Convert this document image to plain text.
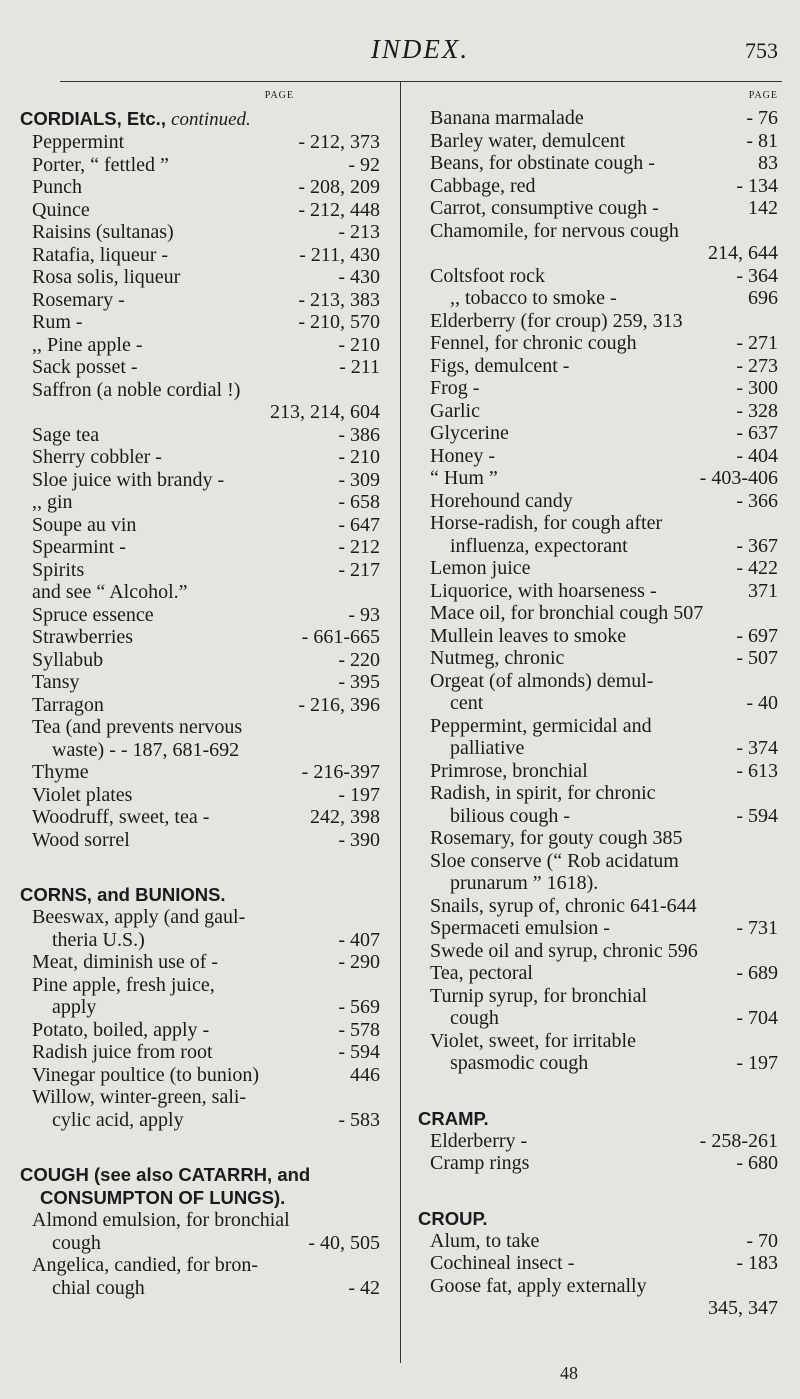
INDEX.	753
PAGE
CORDIALS, Etc., continued.
Peppermint	- 212, 373
Porter, “ fettled ”	- 92
Punch	- 208, 209
Quince	- 212, 448
Raisins (sultanas)	- 213
Ratafia, liqueur -	- 211, 430
Rosa solis, liqueur	- 430
Rosemary -	- 213, 383
Rum -	- 210, 570
,, Pine apple -	- 210
Sack posset -	- 211
Saffron (a noble cordial !)
213, 214, 604
Sage tea	- 386
Sherry cobbler -	- 210
Sloe juice with brandy -	- 309
,, gin	- 658
Soupe au vin	- 647
Spearmint -	- 212
Spirits	- 217
and see “ Alcohol.”
Spruce essence	- 93
Strawberries	- 661-665
Syllabub	- 220
Tansy	- 395
Tarragon	- 216, 396
Tea (and prevents nervous
waste) - - 187, 681-692
Thyme	- 216-397
Violet plates	- 197
Woodruff, sweet, tea -	242, 398
Wood sorrel	- 390
CORNS, and BUNIONS.
Beeswax, apply (and gaul-
theria U.S.)	- 407
Meat, diminish use of -	- 290
Pine apple, fresh juice,
apply	- 569
Potato, boiled, apply -	- 578
Radish juice from root	- 594
Vinegar poultice (to bunion)	446
Willow, winter-green, sali-
cylic acid, apply	- 583
COUGH (see also CATARRH, and
CONSUMPTON OF LUNGS).
Almond emulsion, for bronchial
cough	- 40, 505
Angelica, candied, for bron-
chial cough	- 42
PAGE
Banana marmalade	- 76
Barley water, demulcent	- 81
Beans, for obstinate cough -	83
Cabbage, red	- 134
Carrot, consumptive cough -	142
Chamomile, for nervous cough
214, 644
Coltsfoot rock	- 364
,, tobacco to smoke -	696
Elderberry (for croup) 259, 313
Fennel, for chronic cough	- 271
Figs, demulcent -	- 273
Frog -	- 300
Garlic	- 328
Glycerine	- 637
Honey -	- 404
“ Hum ”	- 403-406
Horehound candy	- 366
Horse-radish, for cough after
influenza, expectorant	- 367
Lemon juice	- 422
Liquorice, with hoarseness -	371
Mace oil, for bronchial cough 507
Mullein leaves to smoke	- 697
Nutmeg, chronic	- 507
Orgeat (of almonds) demul-
cent	- 40
Peppermint, germicidal and
palliative	- 374
Primrose, bronchial	- 613
Radish, in spirit, for chronic
bilious cough -	- 594
Rosemary, for gouty cough 385
Sloe conserve (“ Rob acidatum
prunarum ” 1618).
Snails, syrup of, chronic 641-644
Spermaceti emulsion -	- 731
Swede oil and syrup, chronic 596
Tea, pectoral	- 689
Turnip syrup, for bronchial
cough	- 704
Violet, sweet, for irritable
spasmodic cough	- 197
CRAMP.
Elderberry -	- 258-261
Cramp rings	- 680
CROUP.
Alum, to take	- 70
Cochineal insect -	- 183
Goose fat, apply externally
345, 347
48
